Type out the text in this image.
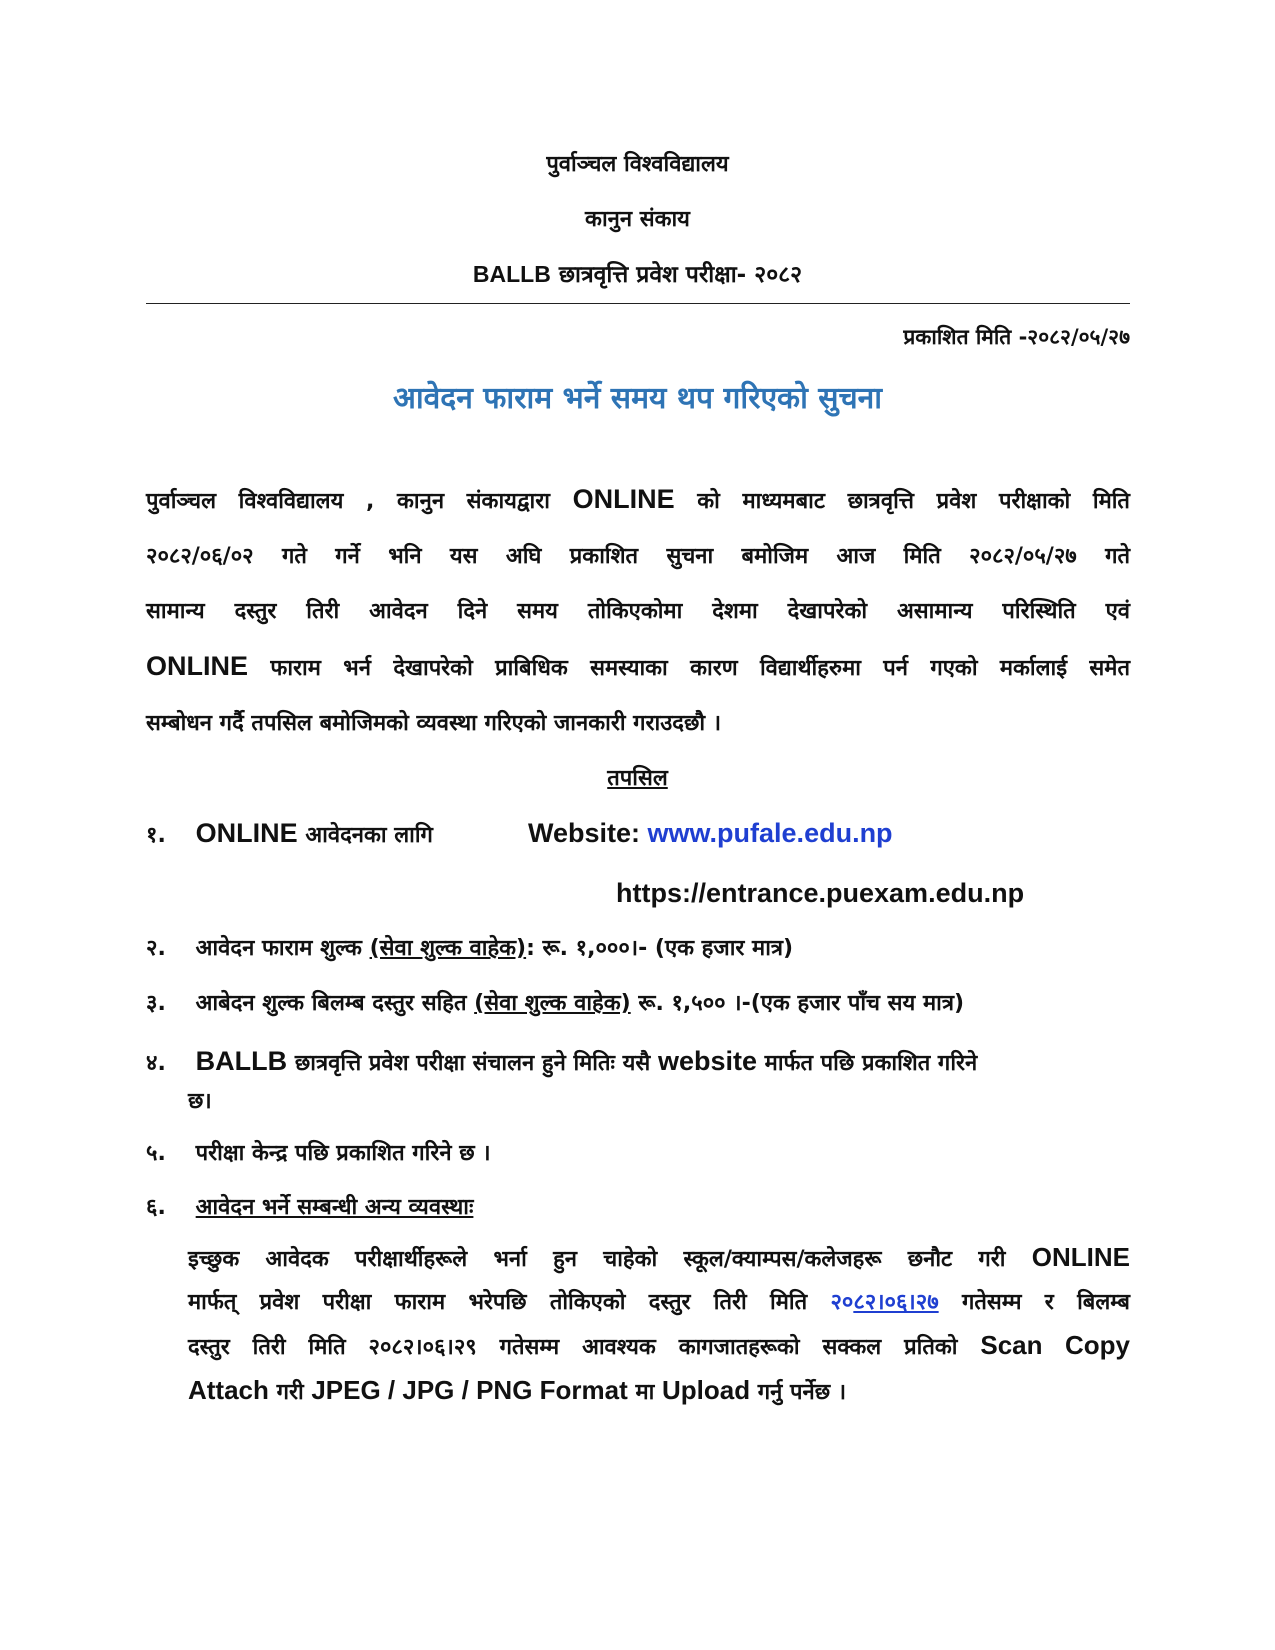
पुर्वाञ्चल विश्वविद्यालय
कानुन संकाय
BALLB छात्रवृत्ति प्रवेश परीक्षा- २०८२
प्रकाशित मिति -२०८२/०५/२७
आवेदन फाराम भर्ने समय थप गरिएको सुचना
पुर्वाञ्चल विश्वविद्यालय , कानुन संकायद्वारा ONLINE को माध्यमबाट छात्रवृत्ति प्रवेश परीक्षाको मिति
२०८२/०६/०२ गते गर्ने भनि यस अघि प्रकाशित सुचना बमोजिम आज मिति २०८२/०५/२७ गते
सामान्य दस्तुर तिरी आवेदन दिने समय तोकिएकोमा देशमा देखापरेको असामान्य परिस्थिति एवं
ONLINE फाराम भर्न देखापरेको प्राबिधिक समस्याका कारण विद्यार्थीहरुमा पर्न गएको मर्कालाई समेत
सम्बोधन गर्दै तपसिल बमोजिमको व्यवस्था गरिएको जानकारी गराउदछौ ।
तपसिल
१. ONLINE आवेदनका लागि	Website: www.pufale.edu.np
https://entrance.puexam.edu.np
२. आवेदन फाराम शुल्क (सेवा शुल्क वाहेक): रू. १,०००।- (एक हजार मात्र)
३. आबेदन शुल्क बिलम्ब दस्तुर सहित (सेवा शुल्क वाहेक) रू. १,५०० ।-(एक हजार पाँच सय मात्र)
४. BALLB छात्रवृत्ति प्रवेश परीक्षा संचालन हुने मितिः यसै website मार्फत पछि प्रकाशित गरिने
छ।
५. परीक्षा केन्द्र पछि प्रकाशित गरिने छ ।
६. आवेदन भर्ने सम्बन्धी अन्य व्यवस्थाः
इच्छुक आवेदक परीक्षार्थीहरूले भर्ना हुन चाहेको स्कूल/क्याम्पस/कलेजहरू छनौट गरी ONLINE
मार्फत् प्रवेश परीक्षा फाराम भरेपछि तोकिएको दस्तुर तिरी मिति २०८२।०६।२७ गतेसम्म र बिलम्ब
दस्तुर तिरी मिति २०८२।०६।२९ गतेसम्म आवश्यक कागजातहरूको सक्कल प्रतिको Scan Copy
Attach गरी JPEG / JPG / PNG Format मा Upload गर्नु पर्नेछ ।
